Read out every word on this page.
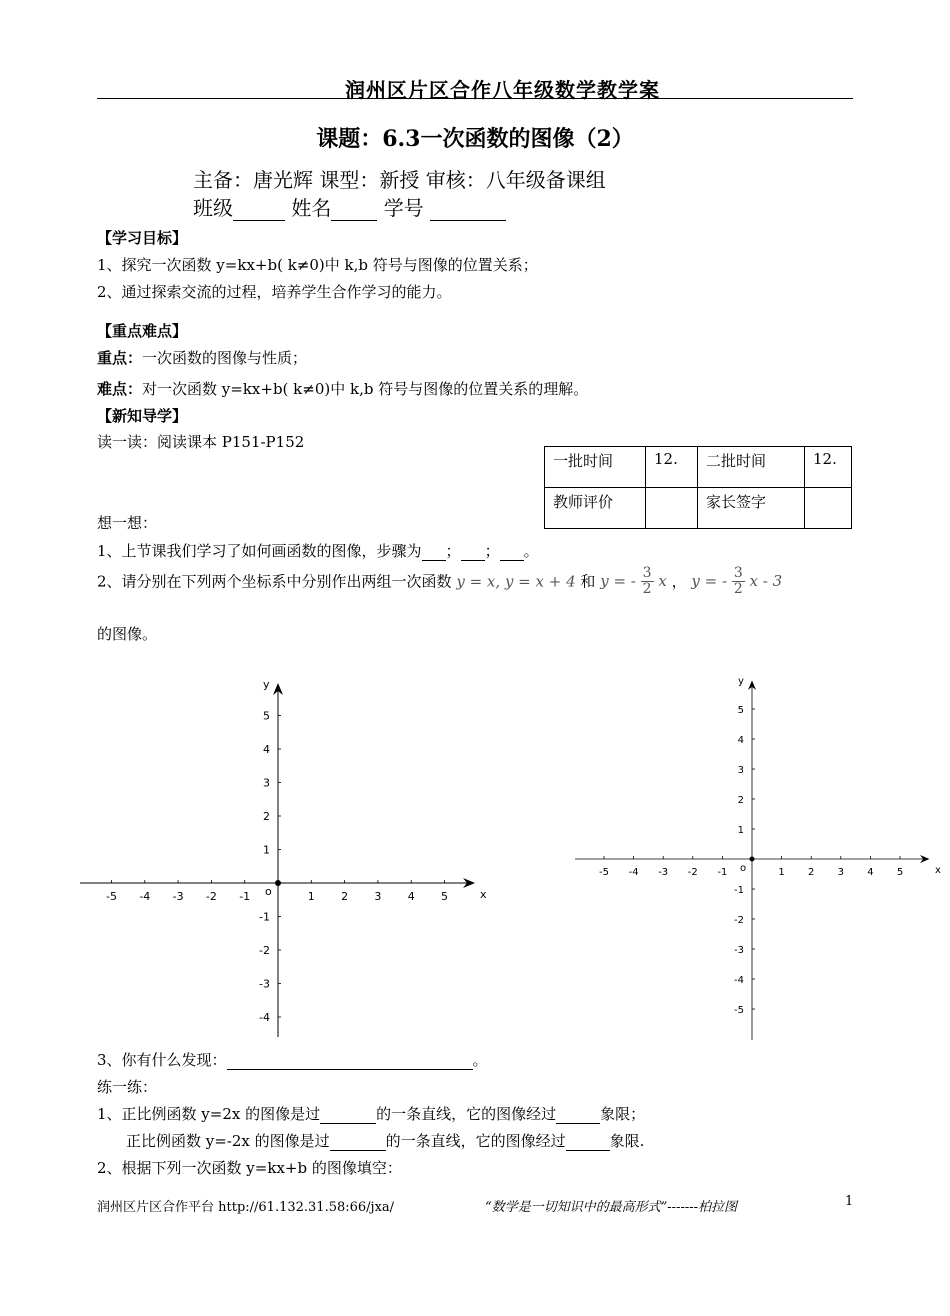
润州区片区合作八年级数学教学案
课题：6.3一次函数的图像（2）
主备：唐光辉 课型：新授 审核：八年级备课组
班级	姓名	学号
【学习目标】
1、探究一次函数 y=kx+b( k≠0)中 k,b 符号与图像的位置关系；
2、通过探索交流的过程，培养学生合作学习的能力。
【重点难点】
重点：一次函数的图像与性质；
难点：对一次函数 y=kx+b( k≠0)中 k,b 符号与图像的位置关系的理解。
【新知导学】
读一读：阅读课本 P151-P152
一批时间	12.	二批时间	12.
教师评价		家长签字	
想一想：
1、上节课我们学习了如何画函数的图像，步骤为 ； ； 。
2、请分别在下列两个坐标系中分别作出两组一次函数 y = x, y = x + 4 和 y = - $\frac{3}{2}$ x ， y = - $\frac{3}{2}$ x - 3
的图像。
x
y
o
-5 -4 -3 -2 -1	1 2 3 4 5
1
2
3
4
5
-1
-2
-3
-4
x
y
o
-5 -4 -3 -2 -1	1 2 3 4 5
1
2
3
4
5
-1
-2
-3
-4
-5
3、你有什么发现：	。
练一练：
1、正比例函数 y=2x 的图像是过	的一条直线，它的图像经过	象限；
正比例函数 y=-2x 的图像是过	的一条直线，它的图像经过	象限.
2、根据下列一次函数 y=kx+b 的图像填空：
润州区片区合作平台 http://61.132.31.58:66/jxa/	“数学是一切知识中的最高形式”-------柏拉图	1
